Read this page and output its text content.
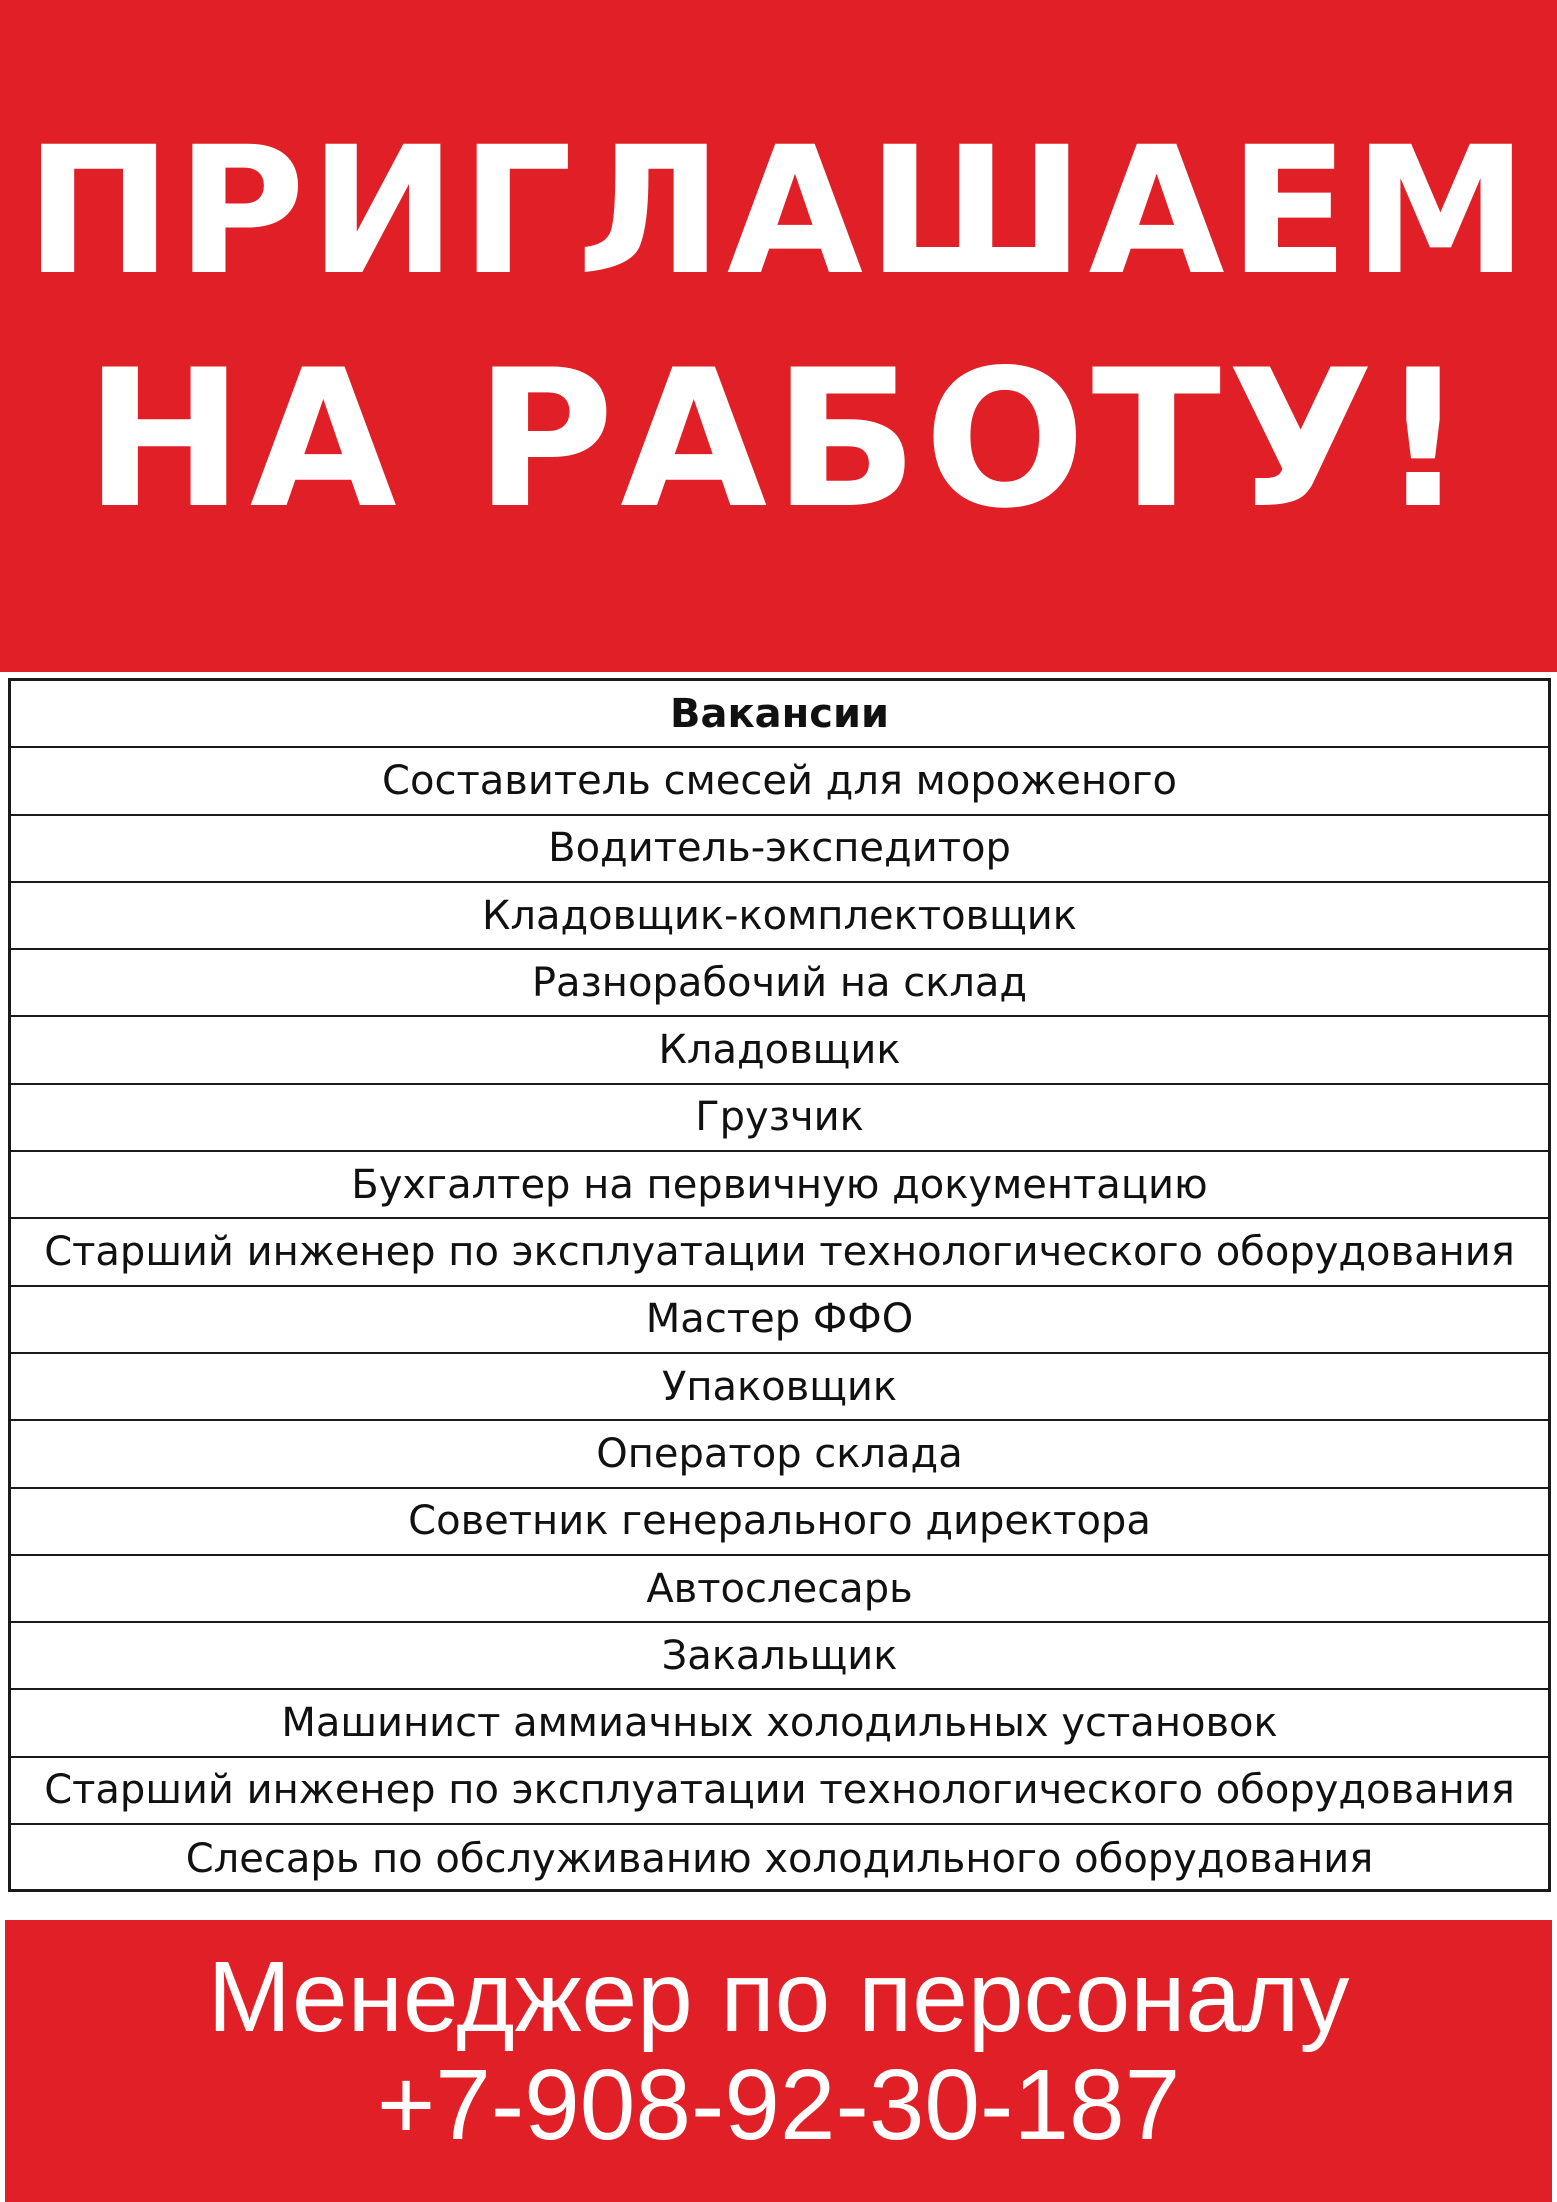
ПРИГЛАШАЕМ
НА РАБОТУ!
Вакансии
Составитель смесей для мороженого
Водитель-экспедитор
Кладовщик-комплектовщик
Разнорабочий на склад
Кладовщик
Грузчик
Бухгалтер на первичную документацию
Старший инженер по эксплуатации технологического оборудования
Мастер ФФО
Упаковщик
Оператор склада
Советник генерального директора
Автослесарь
Закальщик
Машинист аммиачных холодильных установок
Старший инженер по эксплуатации технологического оборудования
Слесарь по обслуживанию холодильного оборудования
Менеджер по персоналу
+7-908-92-30-187
